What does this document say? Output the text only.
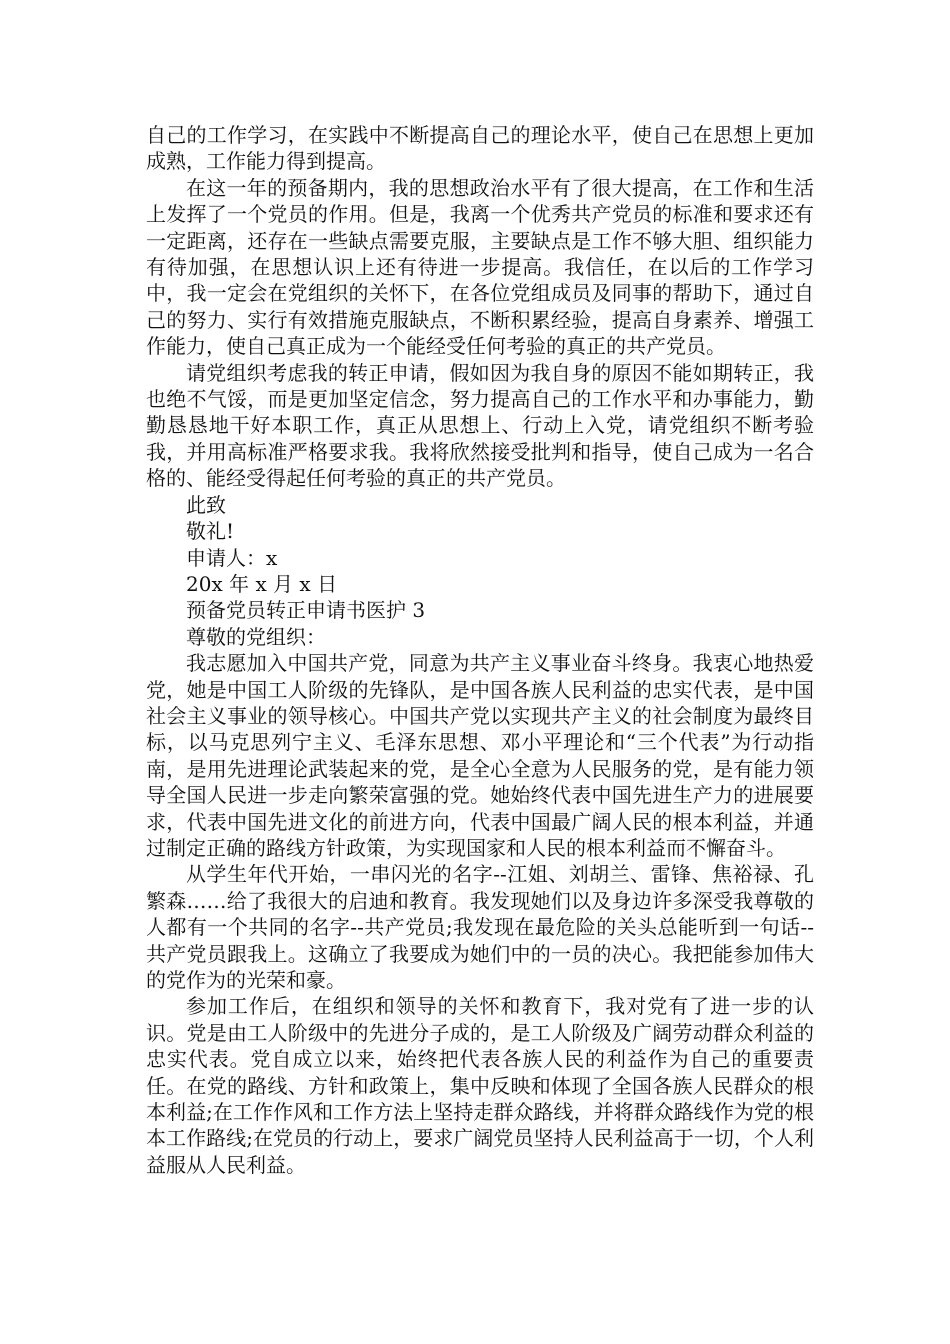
自己的工作学习，在实践中不断提高自己的理论水平，使自己在思想上更加成熟，工作能力得到提高。

在这一年的预备期内，我的思想政治水平有了很大提高，在工作和生活上发挥了一个党员的作用。但是，我离一个优秀共产党员的标准和要求还有一定距离，还存在一些缺点需要克服，主要缺点是工作不够大胆、组织能力有待加强，在思想认识上还有待进一步提高。我信任，在以后的工作学习中，我一定会在党组织的关怀下，在各位党组成员及同事的帮助下，通过自己的努力、实行有效措施克服缺点，不断积累经验，提高自身素养、增强工作能力，使自己真正成为一个能经受任何考验的真正的共产党员。

请党组织考虑我的转正申请，假如因为我自身的原因不能如期转正，我也绝不气馁，而是更加坚定信念，努力提高自己的工作水平和办事能力，勤勤恳恳地干好本职工作，真正从思想上、行动上入党，请党组织不断考验我，并用高标准严格要求我。我将欣然接受批判和指导，使自己成为一名合格的、能经受得起任何考验的真正的共产党员。

此致

敬礼!

申请人：x

20x 年 x 月 x 日

预备党员转正申请书医护 3

尊敬的党组织：

我志愿加入中国共产党，同意为共产主义事业奋斗终身。我衷心地热爱党，她是中国工人阶级的先锋队，是中国各族人民利益的忠实代表，是中国社会主义事业的领导核心。中国共产党以实现共产主义的社会制度为最终目标，以马克思列宁主义、毛泽东思想、邓小平理论和“三个代表”为行动指南，是用先进理论武装起来的党，是全心全意为人民服务的党，是有能力领导全国人民进一步走向繁荣富强的党。她始终代表中国先进生产力的进展要求，代表中国先进文化的前进方向，代表中国最广阔人民的根本利益，并通过制定正确的路线方针政策，为实现国家和人民的根本利益而不懈奋斗。

从学生年代开始，一串闪光的名字--江姐、刘胡兰、雷锋、焦裕禄、孔繁森……给了我很大的启迪和教育。我发现她们以及身边许多深受我尊敬的人都有一个共同的名字--共产党员;我发现在最危险的关头总能听到一句话--共产党员跟我上。这确立了我要成为她们中的一员的决心。我把能参加伟大的党作为的光荣和豪。

参加工作后，在组织和领导的关怀和教育下，我对党有了进一步的认识。党是由工人阶级中的先进分子成的，是工人阶级及广阔劳动群众利益的忠实代表。党自成立以来，始终把代表各族人民的利益作为自己的重要责任。在党的路线、方针和政策上，集中反映和体现了全国各族人民群众的根本利益;在工作作风和工作方法上坚持走群众路线，并将群众路线作为党的根本工作路线;在党员的行动上，要求广阔党员坚持人民利益高于一切，个人利益服从人民利益。
